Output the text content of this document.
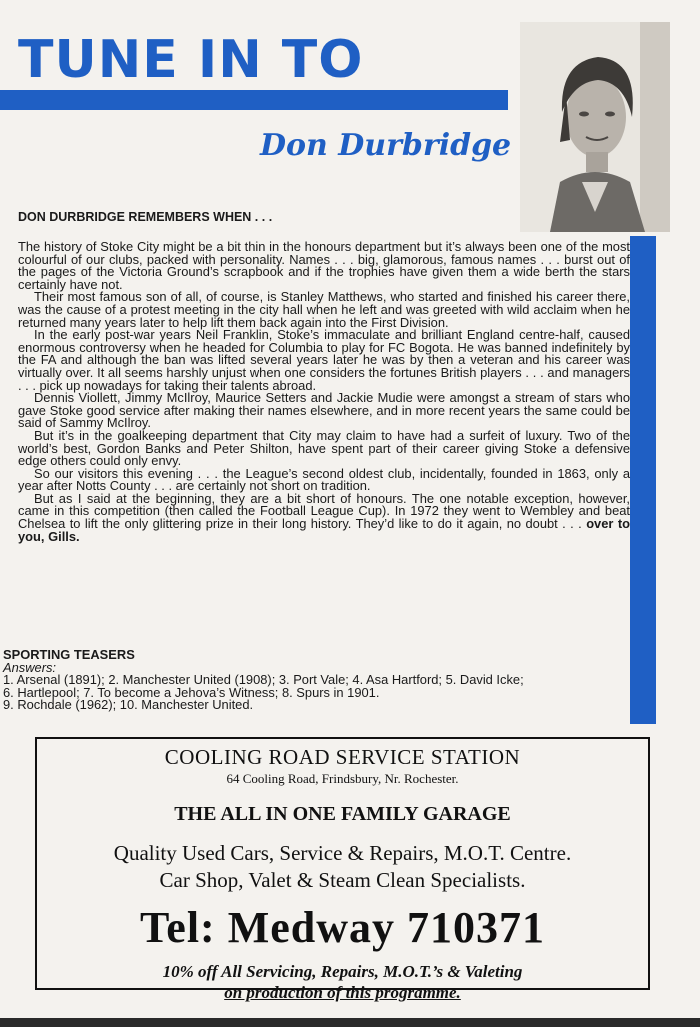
TUNE IN TO
Don Durbridge
DON DURBRIDGE REMEMBERS WHEN . . .

The history of Stoke City might be a bit thin in the honours department but it’s always been one of the most colourful of our clubs, packed with personality. Names . . . big, glamorous, famous names . . . burst out of the pages of the Victoria Ground’s scrapbook and if the trophies have given them a wide berth the stars certainly have not.

Their most famous son of all, of course, is Stanley Matthews, who started and finished his career there, was the cause of a protest meeting in the city hall when he left and was greeted with wild acclaim when he returned many years later to help lift them back again into the First Division.

In the early post-war years Neil Franklin, Stoke’s immaculate and brilliant England centre-half, caused enormous controversy when he headed for Columbia to play for FC Bogota. He was banned indefinitely by the FA and although the ban was lifted several years later he was by then a veteran and his career was virtually over. It all seems harshly unjust when one considers the fortunes British players . . . and managers . . . pick up nowadays for taking their talents abroad.

Dennis Viollett, Jimmy McIlroy, Maurice Setters and Jackie Mudie were amongst a stream of stars who gave Stoke good service after making their names elsewhere, and in more recent years the same could be said of Sammy McIlroy.

But it’s in the goalkeeping department that City may claim to have had a surfeit of luxury. Two of the world’s best, Gordon Banks and Peter Shilton, have spent part of their career giving Stoke a defensive edge others could only envy.

So our visitors this evening . . . the League’s second oldest club, incidentally, founded in 1863, only a year after Notts County . . . are certainly not short on tradition.

But as I said at the beginning, they are a bit short of honours. The one notable exception, however, came in this competition (then called the Football League Cup). In 1972 they went to Wembley and beat Chelsea to lift the only glittering prize in their long history. They’d like to do it again, no doubt . . . over to you, Gills.

SPORTING TEASERS
Answers:
1. Arsenal (1891); 2. Manchester United (1908); 3. Port Vale; 4. Asa Hartford; 5. David Icke;
6. Hartlepool; 7. To become a Jehova’s Witness; 8. Spurs in 1901.
9. Rochdale (1962); 10. Manchester United.
COOLING ROAD SERVICE STATION
64 Cooling Road, Frindsbury, Nr. Rochester.
THE ALL IN ONE FAMILY GARAGE
Quality Used Cars, Service & Repairs, M.O.T. Centre.
Car Shop, Valet & Steam Clean Specialists.
Tel: Medway 710371
10% off All Servicing, Repairs, M.O.T.’s & Valeting
on production of this programme.
